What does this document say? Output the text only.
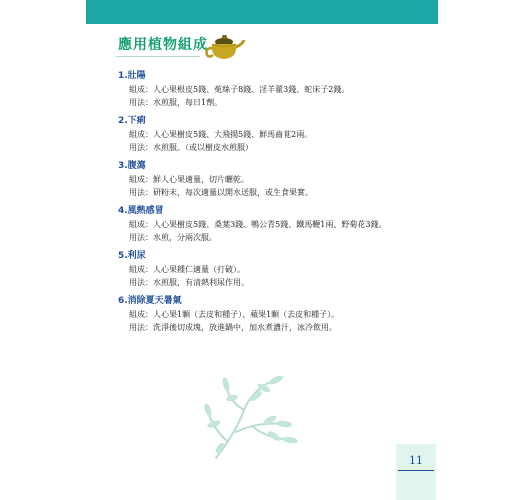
應用植物組成

1.壯陽

組成： 人心果根皮5錢、菟絲子8錢、淫羊藿3錢、蛇床子2錢。
用法： 水煎服，每日1劑。

2.下痢

組成： 人心果樹皮5錢、大飛揚5錢、鮮馬齒莧2兩。
用法： 水煎服。（或以樹皮水煎服）

3.腹瀉

組成： 鮮人心果適量，切片曬乾。
用法： 研粉末，每次適量以開水送服，或生食果實。

4.風熱感冒

組成： 人心果樹皮5錢、桑葉3錢、鴨公青5錢、鐵馬鞭1兩、野菊花3錢。
用法： 水煎，分兩次服。

5.利尿

組成： 人心果種仁適量（打破）。
用法： 水煎服，有清熱利尿作用。

6.消除夏天暑氣

組成： 人心果1顆（去皮和種子）、蘋果1顆（去皮和種子）。
用法： 洗淨後切成塊，放進鍋中，加水煮濃汁，冰冷飲用。
11
